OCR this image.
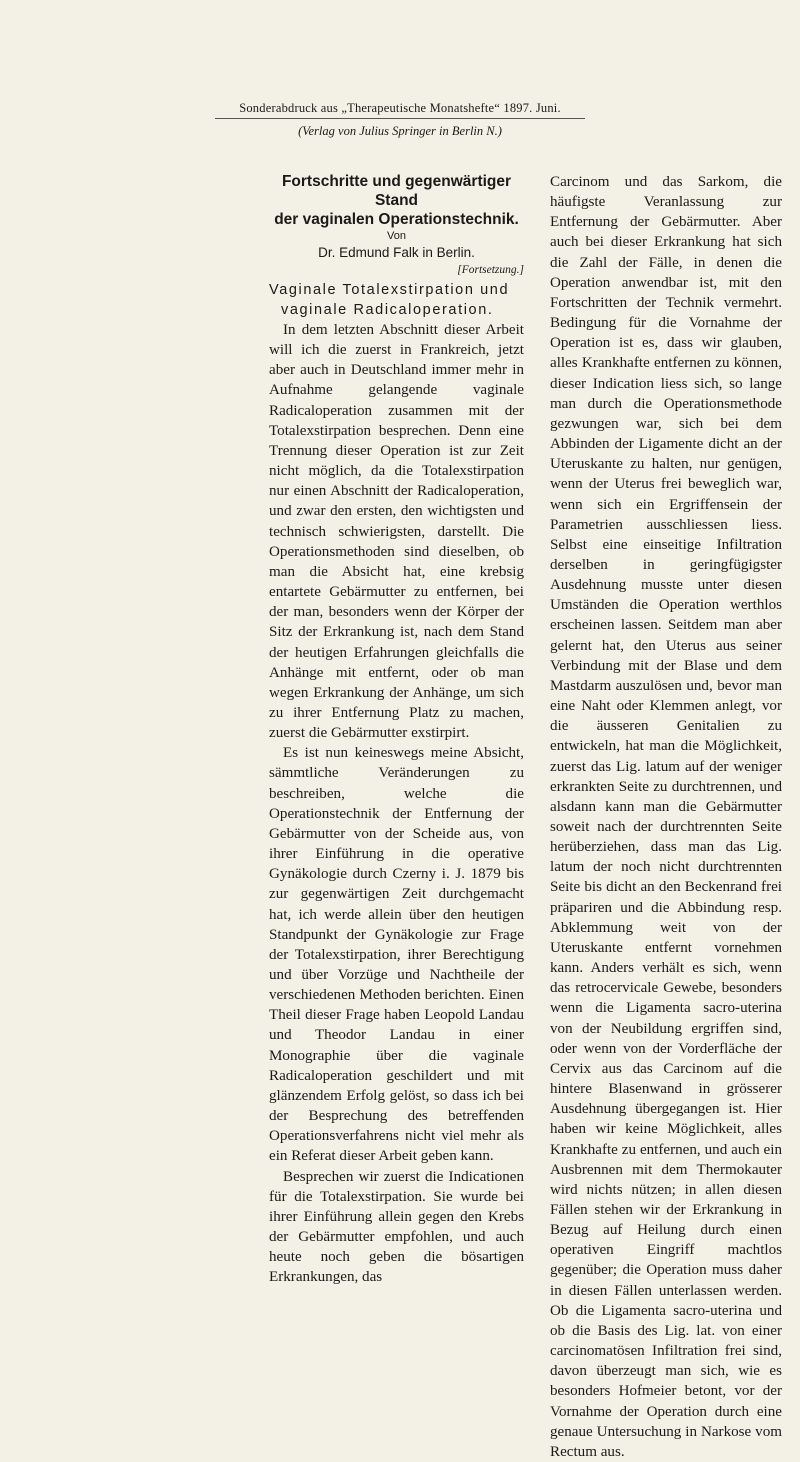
Sonderabdruck aus „Therapeutische Monatshefte“ 1897. Juni.
(Verlag von Julius Springer in Berlin N.)

Fortschritte und gegenwärtiger Stand

der vaginalen Operationstechnik.

Von
Dr. Edmund Falk in Berlin.
[Fortsetzung.]
Vaginale Totalexstirpation und vaginale Radicaloperation.

In dem letzten Abschnitt dieser Arbeit will ich die zuerst in Frankreich, jetzt aber auch in Deutschland immer mehr in Aufnahme gelangende vaginale Radicaloperation zusammen mit der Totalexstirpation besprechen. Denn eine Trennung dieser Operation ist zur Zeit nicht möglich, da die Totalexstirpation nur einen Abschnitt der Radicaloperation, und zwar den ersten, den wichtigsten und technisch schwierigsten, darstellt. Die Operationsmethoden sind dieselben, ob man die Absicht hat, eine krebsig entartete Gebärmutter zu entfernen, bei der man, besonders wenn der Körper der Sitz der Erkrankung ist, nach dem Stand der heutigen Erfahrungen gleichfalls die Anhänge mit entfernt, oder ob man wegen Erkrankung der Anhänge, um sich zu ihrer Entfernung Platz zu machen, zuerst die Gebärmutter exstirpirt.

Es ist nun keineswegs meine Absicht, sämmtliche Veränderungen zu beschreiben, welche die Operationstechnik der Entfernung der Gebärmutter von der Scheide aus, von ihrer Einführung in die operative Gynäkologie durch Czerny i. J. 1879 bis zur gegenwärtigen Zeit durchgemacht hat, ich werde allein über den heutigen Standpunkt der Gynäkologie zur Frage der Totalexstirpation, ihrer Berechtigung und über Vorzüge und Nachtheile der verschiedenen Methoden berichten. Einen Theil dieser Frage haben Leopold Landau und Theodor Landau in einer Monographie über die vaginale Radicaloperation geschildert und mit glänzendem Erfolg gelöst, so dass ich bei der Besprechung des betreffenden Operationsverfahrens nicht viel mehr als ein Referat dieser Arbeit geben kann.

Besprechen wir zuerst die Indicationen für die Totalexstirpation. Sie wurde bei ihrer Einführung allein gegen den Krebs der Gebärmutter empfohlen, und auch heute noch geben die bösartigen Erkrankungen, das

Carcinom und das Sarkom, die häufigste Veranlassung zur Entfernung der Gebärmutter. Aber auch bei dieser Erkrankung hat sich die Zahl der Fälle, in denen die Operation anwendbar ist, mit den Fortschritten der Technik vermehrt. Bedingung für die Vornahme der Operation ist es, dass wir glauben, alles Krankhafte entfernen zu können, dieser Indication liess sich, so lange man durch die Operationsmethode gezwungen war, sich bei dem Abbinden der Ligamente dicht an der Uteruskante zu halten, nur genügen, wenn der Uterus frei beweglich war, wenn sich ein Ergriffensein der Parametrien ausschliessen liess. Selbst eine einseitige Infiltration derselben in geringfügigster Ausdehnung musste unter diesen Umständen die Operation werthlos erscheinen lassen. Seitdem man aber gelernt hat, den Uterus aus seiner Verbindung mit der Blase und dem Mastdarm auszulösen und, bevor man eine Naht oder Klemmen anlegt, vor die äusseren Genitalien zu entwickeln, hat man die Möglichkeit, zuerst das Lig. latum auf der weniger erkrankten Seite zu durchtrennen, und alsdann kann man die Gebärmutter soweit nach der durchtrennten Seite herüberziehen, dass man das Lig. latum der noch nicht durchtrennten Seite bis dicht an den Beckenrand frei präpariren und die Abbindung resp. Abklemmung weit von der Uteruskante entfernt vornehmen kann. Anders verhält es sich, wenn das retrocervicale Gewebe, besonders wenn die Ligamenta sacro-uterina von der Neubildung ergriffen sind, oder wenn von der Vorderfläche der Cervix aus das Carcinom auf die hintere Blasenwand in grösserer Ausdehnung übergegangen ist. Hier haben wir keine Möglichkeit, alles Krankhafte zu entfernen, und auch ein Ausbrennen mit dem Thermokauter wird nichts nützen; in allen diesen Fällen stehen wir der Erkrankung in Bezug auf Heilung durch einen operativen Eingriff machtlos gegenüber; die Operation muss daher in diesen Fällen unterlassen werden. Ob die Ligamenta sacro-uterina und ob die Basis des Lig. lat. von einer carcinomatösen Infiltration frei sind, davon überzeugt man sich, wie es besonders Hofmeier betont, vor der Vornahme der Operation durch eine genaue Untersuchung in Narkose vom Rectum aus.
